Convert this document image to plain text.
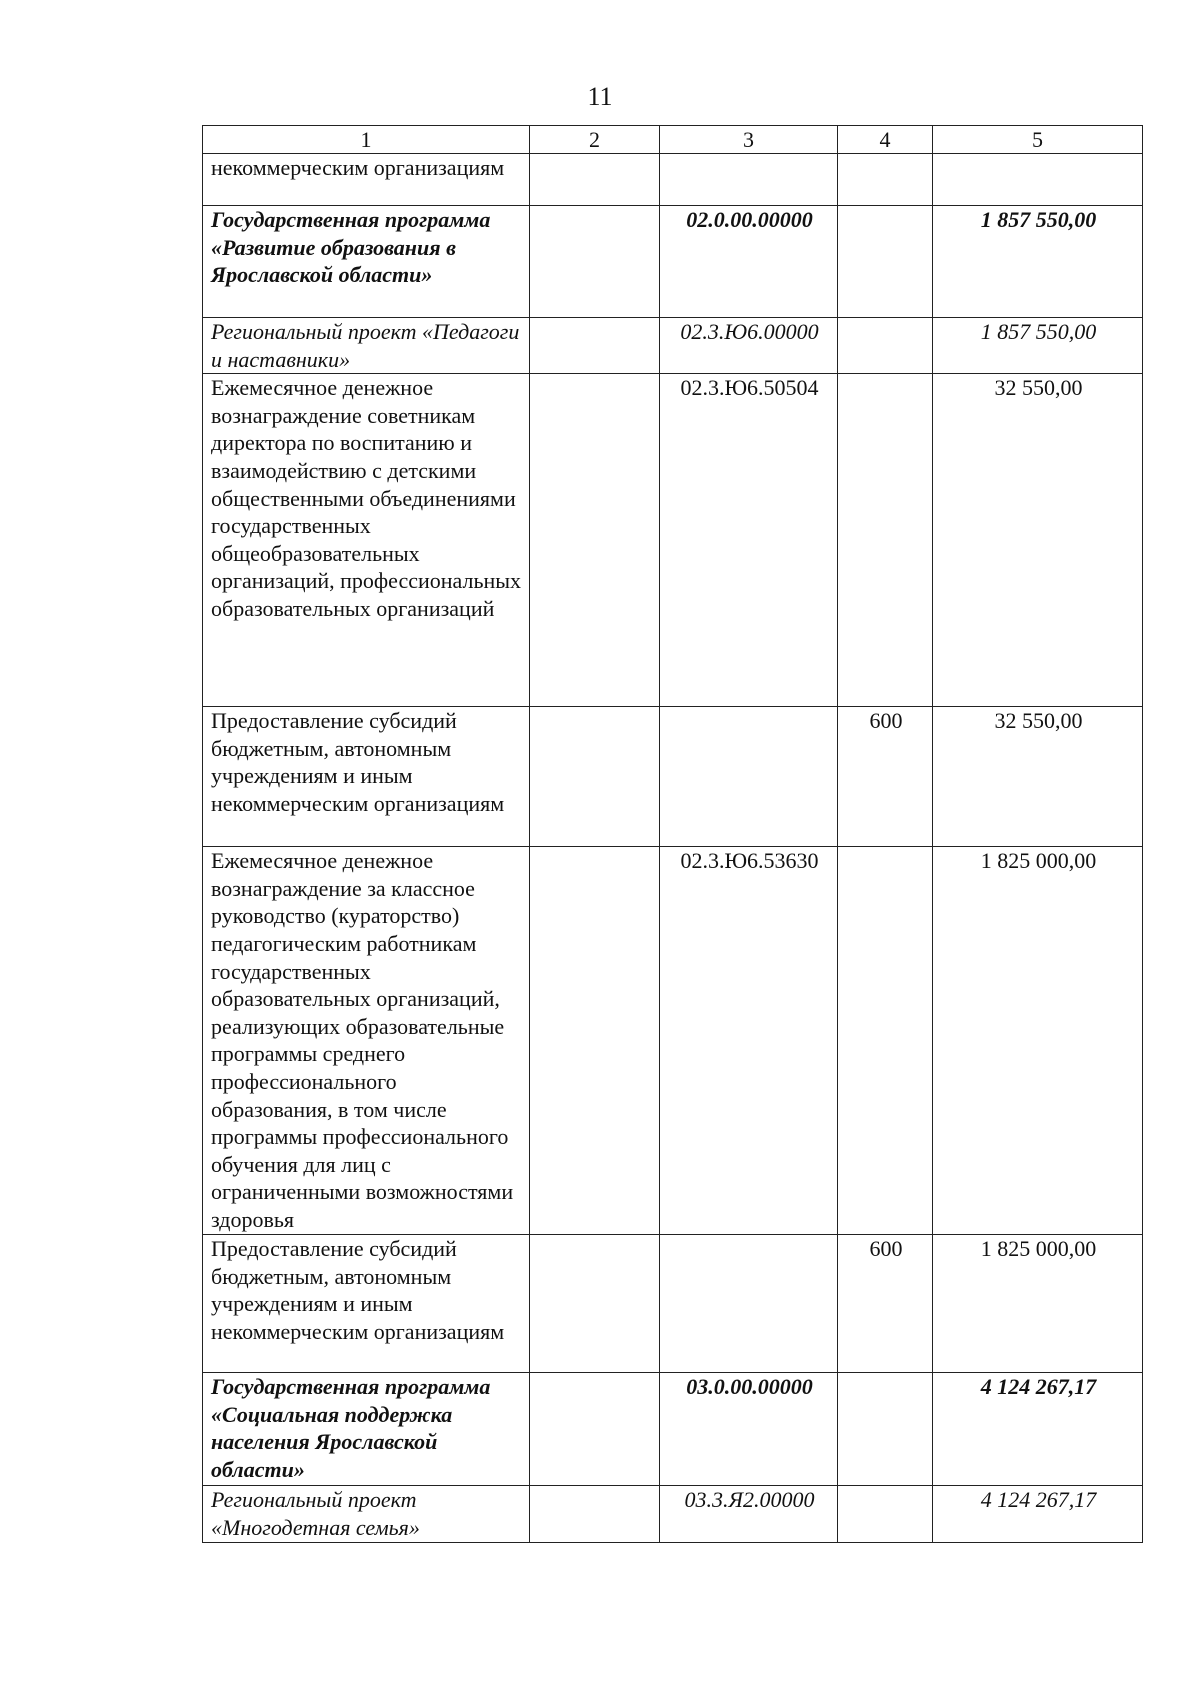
11
1	2	3	4	5
некоммерческим организациям				
Государственная программа «Развитие образования в Ярославской области»		02.0.00.00000		1 857 550,00
Региональный проект «Педагоги и наставники»		02.3.Ю6.00000		1 857 550,00
Ежемесячное денежное вознаграждение советникам директора по воспитанию и взаимодействию с детскими общественными объединениями государственных общеобразовательных организаций, профессиональных образовательных организаций		02.3.Ю6.50504		32 550,00
Предоставление субсидий бюджетным, автономным учреждениям и иным некоммерческим организациям			600	32 550,00
Ежемесячное денежное вознаграждение за классное руководство (кураторство) педагогическим работникам государственных образовательных организаций, реализующих образовательные программы среднего профессионального образования, в том числе программы профессионального обучения для лиц с ограниченными возможностями здоровья		02.3.Ю6.53630		1 825 000,00
Предоставление субсидий бюджетным, автономным учреждениям и иным некоммерческим организациям			600	1 825 000,00
Государственная программа «Социальная поддержка населения Ярославской области»		03.0.00.00000		4 124 267,17
Региональный проект «Многодетная семья»		03.3.Я2.00000		4 124 267,17
